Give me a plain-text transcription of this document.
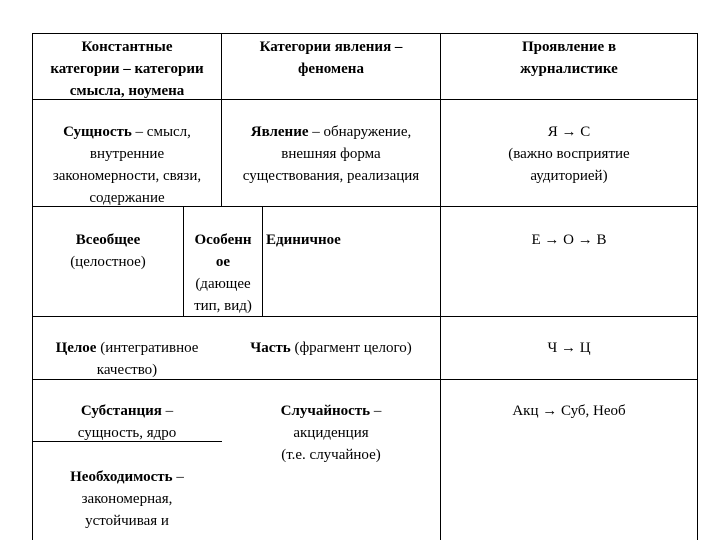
Константные
категории – категории
смысла, ноумена
Категории явления –
феномена
Проявление в
журналистике
Сущность – смысл,
внутренние
закономерности, связи,
содержание
Явление – обнаружение,
внешняя форма
существования, реализация
Я → С
(важно восприятие
аудиторией)
Всеобщее
(целостное)
Особенн
ое
(дающее
тип, вид)
Единичное	Е → О → В
Целое (интегративное
качество)
Часть (фрагмент целого)	Ч → Ц
Субстанция –
сущность, ядро
Случайность –
акциденция
(т.е. случайное)
Акц → Суб, Необ
Необходимость –
закономерная,
устойчивая и
